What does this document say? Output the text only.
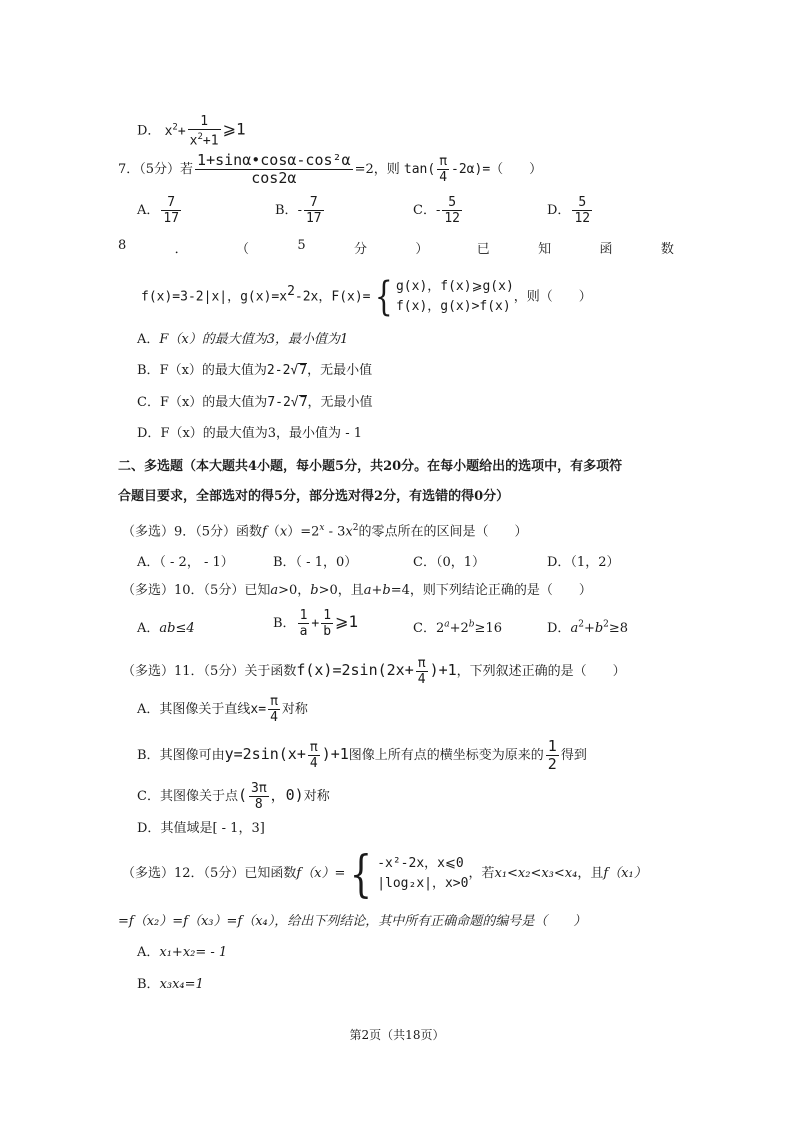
D． $x^2+ \frac{1}{x^2+1}$ ⩾1
7．（5分）若 $\frac{\text{1+sinα•cosα-cos²α}}{\cos 2\alpha} =2$，则 $\tan( \frac{\pi}{4} -2\alpha)=$（　　）
A． $\frac{7}{17}$	B．- $\frac{7}{17}$	C．- $\frac{5}{12}$	D． $\frac{5}{12}$
8	．	（	5	分	）	已	知	函	数
f(x)=3-2|x|，$g(x)=x^2-2x$，F(x)={ g(x)，f(x)⩾g(x)
f(x)，g(x)>f(x)
，则（　　）
A．F（x）的最大值为3，最小值为1
B．F（x）的最大值为2-2√7，无最小值
C．F（x）的最大值为7-2√7，无最小值
D．F（x）的最大值为3，最小值为 - 1
二、多选题（本大题共4小题，每小题5分，共20分。在每小题给出的选项中，有多项符
合题目要求，全部选对的得5分，部分选对得2分，有选错的得0分）
（多选）9．（5分）函数$f(x)=2^x - 3x^2$的零点所在的区间是（　　）
A．（ - 2， - 1）	B．（ - 1，0）	C．（0，1）	D．（1，2）
（多选）10．（5分）已知a>0，b>0，且a+b=4，则下列结论正确的是（　　）
A．ab≤4	B． $\frac{1}{a} + \frac{1}{b}$ ⩾1	C．$2^a+2^b\ge 16$	D．$a^2+b^2\ge 8$
（多选）11．（5分）关于函数$f(x)=2\sin(2x+ \frac{\pi}{4} )+1$，下列叙述正确的是（　　）
A．其图像关于直线$x= \frac{\pi}{4}$ 对称
B．其图像可由$y=2\sin(x+ \frac{\pi}{4} )+1$图像上所有点的横坐标变为原来的 $\frac{1}{2}$ 得到
C．其图像关于点( $\frac{3\pi}{8}$ ，0)对称
D．其值域是[ - 1，3]
（多选）12．（5分）已知函数f（x）={ -x²-2x，x⩽0
|log₂x|，x>0
，若x₁<x₂<x₃<x₄，且f（x₁）
=f（x₂）=f（x₃）=f（x₄），给出下列结论，其中所有正确命题的编号是（　　）
A．x₁+x₂= - 1
B．x₃x₄=1
第2页（共18页）
